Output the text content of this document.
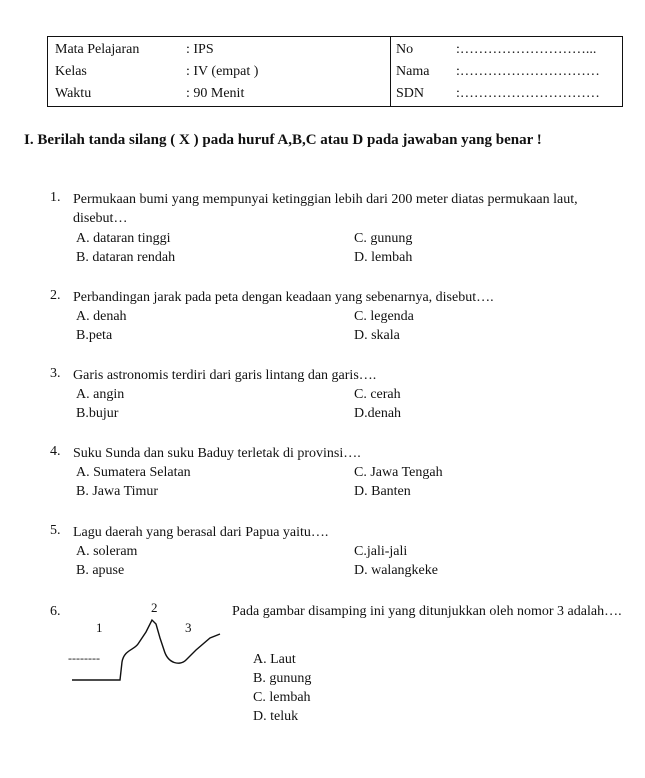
Mata Pelajaran	: IPS	No	:………………………...
Kelas	: IV (empat )	Nama :…………………………
Waktu	: 90 Menit	SDN :…………………………
I. Berilah tanda silang ( X ) pada huruf A,B,C atau D pada jawaban yang benar !
1. Permukaan bumi yang mempunyai ketinggian lebih dari 200 meter diatas permukaan laut, disebut…
A. dataran tinggi	C. gunung
B. dataran rendah	D. lembah
2. Perbandingan jarak pada peta dengan keadaan yang sebenarnya, disebut….
A. denah	C. legenda
B.peta	D. skala
3. Garis astronomis terdiri dari garis lintang dan garis….
A. angin	C. cerah
B.bujur	D.denah
4. Suku Sunda dan suku Baduy terletak di provinsi….
A. Sumatera Selatan	C. Jawa Tengah
B. Jawa Timur	D. Banten
5. Lagu daerah yang berasal dari Papua yaitu….
A. soleram	C.jali-jali
B. apuse	D. walangkeke
6.	2
1	3
--------
Pada gambar disamping ini yang ditunjukkan oleh nomor 3 adalah….
A. Laut
B. gunung
C. lembah
D. teluk
